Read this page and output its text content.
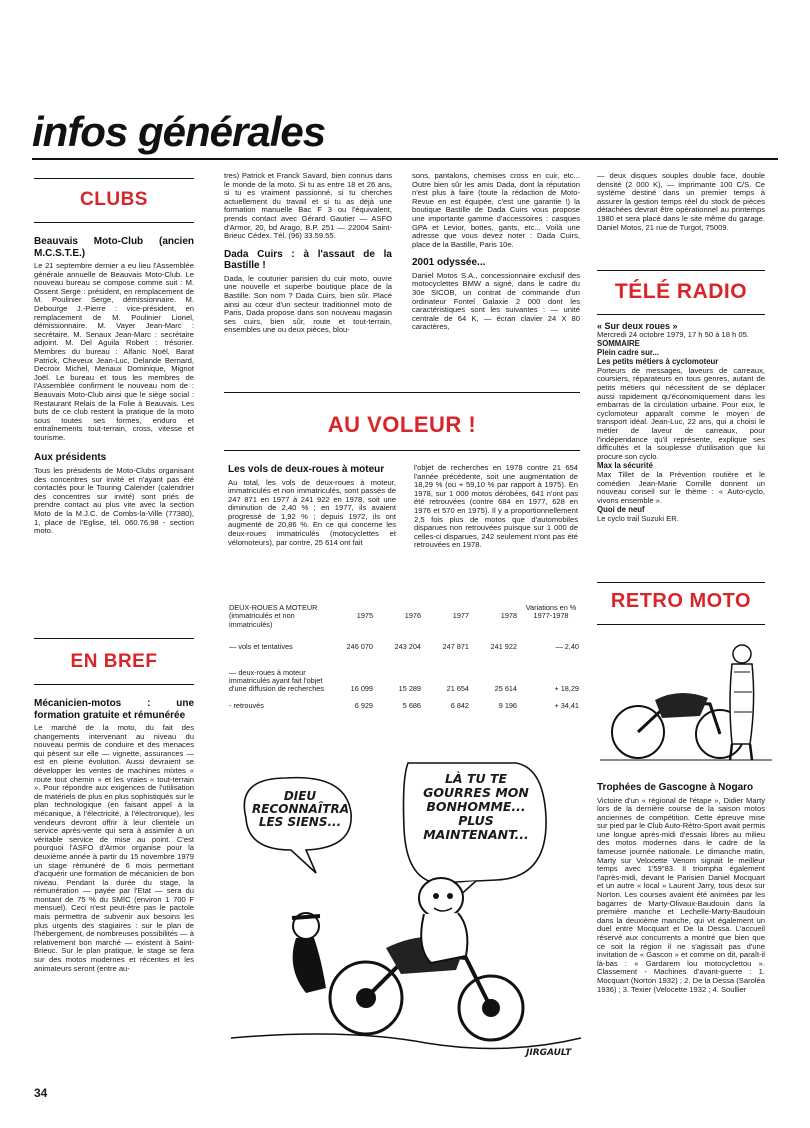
infos générales
CLUBS
Beauvais Moto-Club (ancien M.C.S.T.E.)

Le 21 septembre dernier a eu lieu l'Assemblée générale annuelle de Beauvais Moto-Club. Le nouveau bureau se compose comme suit : M. Ossent Serge : président, en remplacement de M. Poulinier Serge, démissionnaire. M. Debourge J.-Pierre : vice-président, en remplacement de M. Poulinier Lionel, démissionnaire. M. Vayer Jean-Marc : secrétaire. M. Senaux Jean-Marc : secrétaire adjoint. M. Del Aguila Robert : trésorier. Membres du bureau : Alfanic Noël, Barat Patrick, Cheveux Jean-Luc, Delande Bernard, Decroix Michel, Meriaux Dominique, Mignot Joël. Le bureau et tous les membres de l'Assemblée confirment le nouveau nom de : Beauvais Moto-Club ainsi que le siège social : Restaurant Relais de la Folie à Beauvais. Les buts de ce club restent la pratique de la moto sous toutes ses formes, enduro et entraînements tout-terrain, cross, vitesse et tourisme.

Aux présidents

Tous les présidents de Moto-Clubs organisant des concentres sur invité et n'ayant pas été contactés pour le Touring Calender (calendrier des concentres sur invité) sont priés de prendre contact au plus vite avec la section Moto de la M.J.C. de Combs-la-Ville (77380), 1, place de l'Eglise, tél. 060.76.98 - section moto.

EN BREF
Mécanicien-motos : une formation gratuite et rémunérée

Le marché de la moto, du fait des changements intervenant au niveau du nouveau permis de conduire et des menaces qui pèsent sur elle — vignette, assurances — est en pleine évolution. Aussi devraient se développer les ventes de machines mixtes « route tout chemin » et les vraies « tout-terrain ». Pour répondre aux exigences de l'utilisation de matériels de plus en plus sophistiqués sur le plan technologique (en faisant appel à la mécanique, à l'électricité, à l'électronique), les vendeurs devront offrir à leur clientèle un service après-vente qui sera à assimiler à un véritable service de mise au point. C'est pourquoi l'ASFO d'Armor organise pour la deuxième année à partir du 15 novembre 1979 un stage rémunéré de 6 mois permettant d'acquérir une formation de mécanicien de bon niveau. Pendant la durée du stage, la rémunération — payée par l'Etat — sera du montant de 75 % du SMIC (environ 1 700 F mensuel). Ceci n'est peut-être pas le pactole mais permettra de subvenir aux besoins les plus urgents des stagiaires : sur le plan de l'hébergement, de nombreuses possibilités — à relativement bon marché — existent à Saint-Brieuc. Sur le plan pratique, le stage se fera sur des motos modernes et récentes et les animateurs seront (entre au-

34

tres) Patrick et Franck Savard, bien connus dans le monde de la moto. Si tu as entre 18 et 26 ans, si tu es vraiment passionné, si tu cherches actuellement du travail et si tu as déjà une formation manuelle Bac F 3 ou l'équivalent, prends contact avec Gérard Gautier — ASFO d'Armor, 20, bd Arago, B.P. 251 — 22004 Saint-Brieuc Cédex. Tél. (96) 33.59.55.

Dada Cuirs : à l'assaut de la Bastille !

Dada, le couturier parisien du cuir moto, ouvre une nouvelle et superbe boutique place de la Bastille. Son nom ? Dada Cuirs, bien sûr. Placé ainsi au cœur d'un secteur traditionnel moto de Paris, Dada propose dans son nouveau magasin ses cuirs, bien sûr, route et tout-terrain, ensembles une ou deux pièces, blou-

sons, pantalons, chemises cross en cuir, etc... Outre bien sûr les amis Dada, dont la réputation n'est plus à faire (toute la rédaction de Moto-Revue en est équipée, c'est une garantie !) la boutique Bastille de Dada Cuirs vous propose une importante gamme d'accessoires : casques GPA et Levior, bottes, gants, etc... Voilà une adresse que vous devez noter : Dada Cuirs, place de la Bastille, Paris 10e.

2001 odyssée...

Daniel Motos S.A., concessionnaire exclusif des motocyclettes BMW a signé, dans le cadre du 30e SICOB, un contrat de commande d'un ordinateur Fontel Galaxie 2 000 dont les caractéristiques sont les suivantes : — unité centrale de 64 K, — écran clavier 24 X 80 caractères,

— deux disques souples double face, double densité (2 000 K), — imprimante 100 C/S. Ce système destiné dans un premier temps à assurer la gestion temps réel du stock de pièces détachées devrait être opérationnel au printemps 1980 et sera placé dans le site même du garage. Daniel Motos, 21 rue de Turgot, 75009.

TÉLÉ RADIO
« Sur deux roues »

Mercredi 24 octobre 1979, 17 h 50 à 18 h 05.

SOMMAIRE
Plein cadre sur...
Les petits métiers à cyclomoteur

Porteurs de messages, laveurs de carreaux, coursiers, réparateurs en tous genres, autant de petits métiers qui nécessitent de se déplacer aussi rapidement qu'économiquement dans les embarras de la circulation urbaine. Pour eux, le cyclomoteur apparaît comme le moyen de transport idéal. Jean-Luc, 22 ans, qui a choisi le métier de laveur de carreaux, pour l'indépendance qu'il représente, explique ses difficultés et la souplesse d'utilisation que lui procure son cyclo.

Max la sécurité

Max Tillet de la Prévention routière et le comédien Jean-Marie Cornille donnent un nouveau conseil sur le thème : « Auto-cyclo, vivons ensemble ».

Quoi de neuf

Le cyclo trail Suzuki ER.

AU VOLEUR !
Les vols de deux-roues à moteur

Au total, les vols de deux-roues à moteur, immatriculés et non immatriculés, sont passés de 247 871 en 1977 à 241 922 en 1978, soit une diminution de 2,40 % ; en 1977, ils avaient progressé de 1,92 % ; depuis 1972, ils ont augmenté de 20,86 %. En ce qui concerne les deux-roues immatriculés (motocyclettes et vélomoteurs), par contre, 25 614 ont fait

l'objet de recherches en 1978 contre 21 654 l'année précédente, soit une augmentation de 18,29 % (ou + 59,10 % par rapport à 1975). En 1978, sur 1 000 motos dérobées, 641 n'ont pas été retrouvées (contre 684 en 1977, 628 en 1976 et 570 en 1975). Il y a proportionnellement 2,5 fois plus de motos que d'automobiles disparues non retrouvées puisque sur 1 000 de celles-ci disparues, 242 seulement n'ont pas été retrouvées en 1978.

DEUX-ROUES A MOTEUR (immatriculés et non immatriculés)	1975	1976	1977	1978	Variations en % 1977-1978
— vols et tentatives	246 070	243 204	247 871	241 922	— 2,40
— deux-roues à moteur immatriculés ayant fait l'objet d'une diffusion de recherches	16 099	15 289	21 654	25 614	+ 18,29
- retrouvés	6 929	5 686	6 842	9 196	+ 34,41
DIEU RECONNAÎTRA LES SIENS...
LÀ TU TE GOURRES MON BONHOMME... PLUS MAINTENANT...
JIRGAULT
RETRO MOTO
Trophées de Gascogne à Nogaro

Victoire d'un « régional de l'étape », Didier Marty lors de la dernière course de la saison motos anciennes de compétition. Cette épreuve mise sur pied par le Club Auto-Rétro-Sport avait permis une longue après-midi d'essais libres au milieu des motos modernes dans le cadre de la fameuse journée nationale. Le dimanche matin, Marty sur Velocette Venom signait le meilleur temps avec 1'59"83. Il triompha également l'après-midi, devant le Parisien Daniel Mocquart et un autre « local » Laurent Jarry, tous deux sur Norton. Les courses avaient été animées par les bagarres de Marty-Olivaux-Baudouin dans la première manche et Lechelle-Marty-Baudouin dans la deuxième manche, qui vit également un duel entre Mocquart et De la Dessa. L'accueil réservé aux concurrents a montré que bien que ce soit la région il ne s'agissait pas d'une invitation de « Gascon » et comme on dit, paraît-il là-bas : « Gardarem lou motocyclettou ». Classement - Machines d'avant-guerre : 1. Mocquart (Norton 1932) ; 2. De la Dessa (Saroléa 1936) ; 3. Texier (Velocette 1932 ; 4. Soullier
